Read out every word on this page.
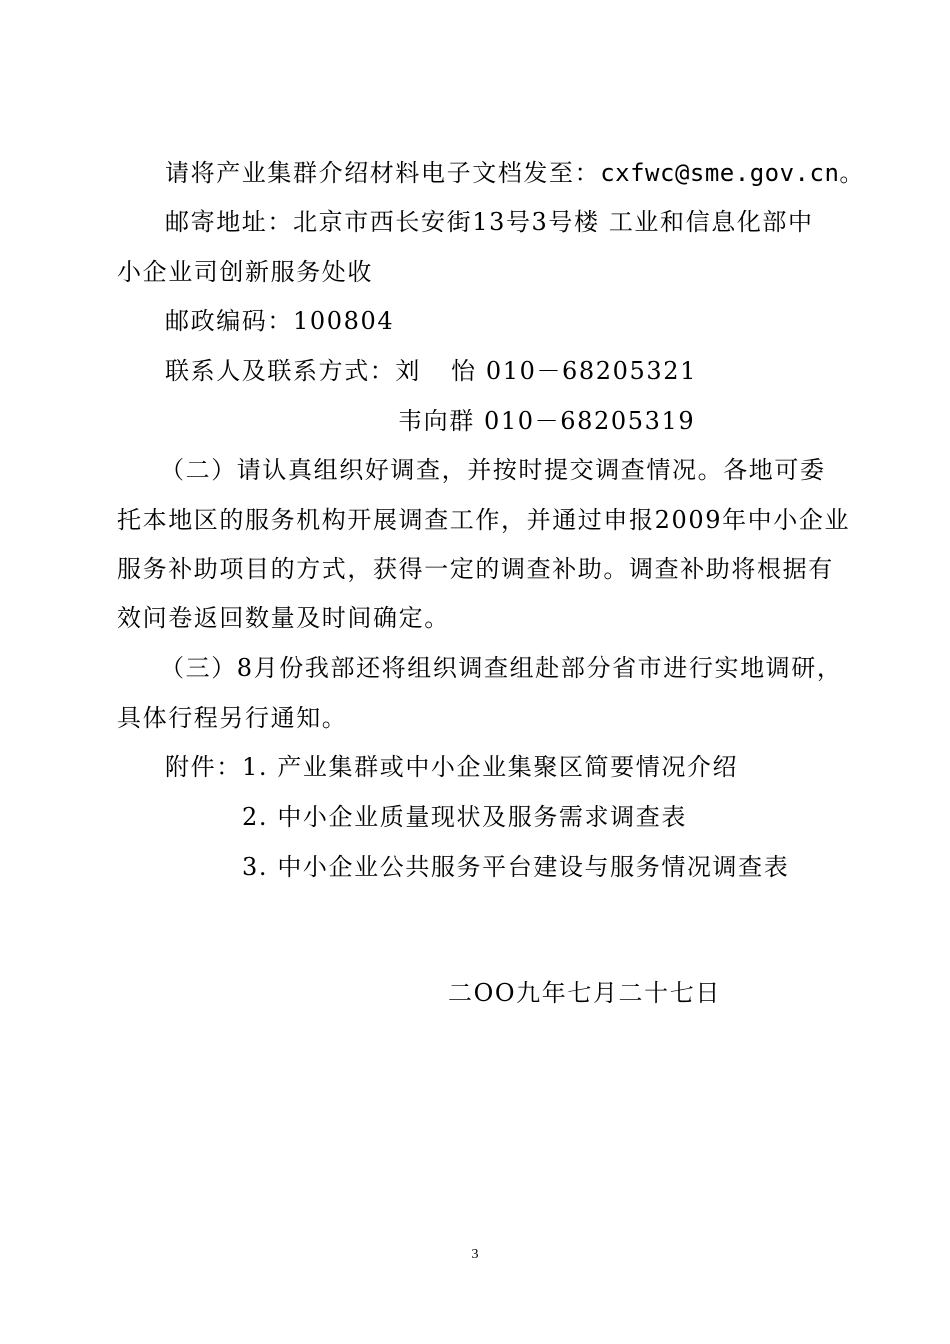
请将产业集群介绍材料电子文档发至：cxfwc@sme.gov.cn。
邮寄地址：北京市西长安街13号3号楼 工业和信息化部中
小企业司创新服务处收
邮政编码：100804
联系人及联系方式：刘 怡 010－68205321
韦向群 010－68205319
（二）请认真组织好调查，并按时提交调查情况。各地可委
托本地区的服务机构开展调查工作，并通过申报2009年中小企业
服务补助项目的方式，获得一定的调查补助。调查补助将根据有
效问卷返回数量及时间确定。
（三）8月份我部还将组织调查组赴部分省市进行实地调研，
具体行程另行通知。
附件： 1. 产业集群或中小企业集聚区简要情况介绍
2. 中小企业质量现状及服务需求调查表
3. 中小企业公共服务平台建设与服务情况调查表
二OO九年七月二十七日
3
